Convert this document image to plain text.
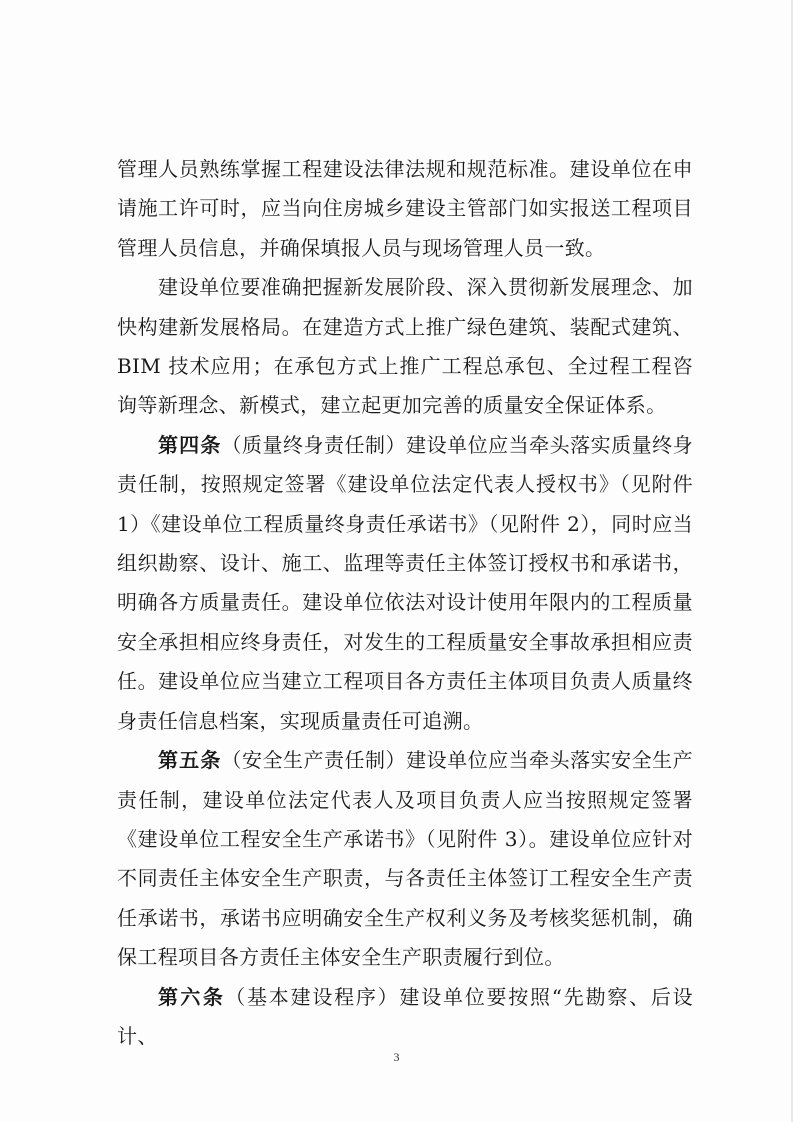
管理人员熟练掌握工程建设法律法规和规范标准。建设单位在申请施工许可时，应当向住房城乡建设主管部门如实报送工程项目管理人员信息，并确保填报人员与现场管理人员一致。

建设单位要准确把握新发展阶段、深入贯彻新发展理念、加快构建新发展格局。在建造方式上推广绿色建筑、装配式建筑、BIM 技术应用；在承包方式上推广工程总承包、全过程工程咨询等新理念、新模式，建立起更加完善的质量安全保证体系。

第四条（质量终身责任制）建设单位应当牵头落实质量终身责任制，按照规定签署《建设单位法定代表人授权书》（见附件 1）《建设单位工程质量终身责任承诺书》（见附件 2），同时应当组织勘察、设计、施工、监理等责任主体签订授权书和承诺书，明确各方质量责任。建设单位依法对设计使用年限内的工程质量安全承担相应终身责任，对发生的工程质量安全事故承担相应责任。建设单位应当建立工程项目各方责任主体项目负责人质量终身责任信息档案，实现质量责任可追溯。

第五条（安全生产责任制）建设单位应当牵头落实安全生产责任制，建设单位法定代表人及项目负责人应当按照规定签署《建设单位工程安全生产承诺书》（见附件 3）。建设单位应针对不同责任主体安全生产职责，与各责任主体签订工程安全生产责任承诺书，承诺书应明确安全生产权利义务及考核奖惩机制，确保工程项目各方责任主体安全生产职责履行到位。

第六条（基本建设程序）建设单位要按照“先勘察、后设计、

3
